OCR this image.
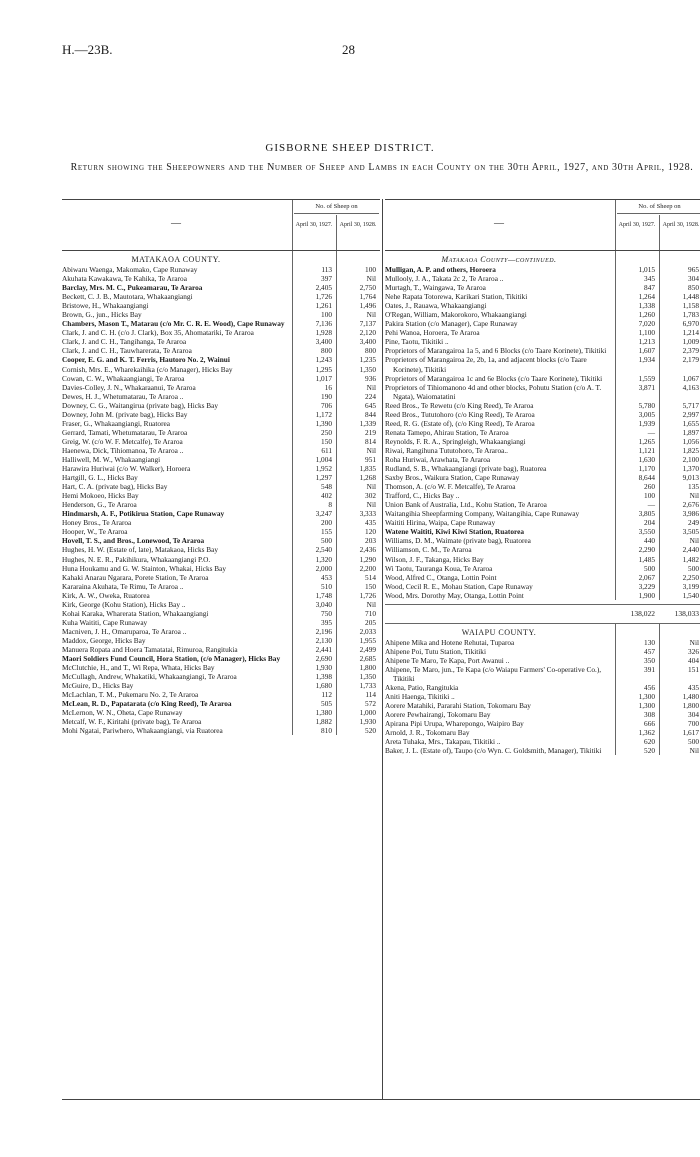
H.—23B.	28
GISBORNE SHEEP DISTRICT.
Return showing the Sheepowners and the Number of Sheep and Lambs in each County on the 30th April, 1927, and 30th April, 1928.
—
No. of Sheep on
April 30, 1927. April 30, 1928.
MATAKAOA COUNTY.
Abiwaru Waenga, Makomako, Cape Runaway	113	100
Akuhata Kawakawa, Te Kahika, Te Araroa	397	Nil
Barclay, Mrs. M. C., Pukeamarau, Te Araroa	2,405	2,750
Beckett, C. J. B., Mautotara, Whakaangiangi	1,726	1,764
Bristowe, H., Whakaangiangi	1,261	1,496
Brown, G., jun., Hicks Bay	100	Nil
Chambers, Mason T., Matarau (c/o Mr. C. R. E. Wood), Cape Runaway	7,136	7,137
Clark, J. and C. H. (c/o J. Clark), Box 35, Ahomatariki, Te Araroa	1,928	2,120
Clark, J. and C. H., Tangihanga, Te Araroa	3,400	3,400
Clark, J. and C. H., Tauwharerata, Te Araroa	800	800
Cooper, E. G. and K. T. Ferris, Hautoro No. 2, Wainui	1,243	1,235
Cornish, Mrs. E., Wharekaihika (c/o Manager), Hicks Bay	1,295	1,350
Cowan, C. W., Whakaangiangi, Te Araroa	1,017	936
Davies-Colley, J. N., Whakaraanui, Te Araroa	16	Nil
Dewes, H. J., Whetumatarau, Te Araroa ..	190	224
Downey, C. G., Waitangirua (private bag), Hicks Bay	706	645
Downey, John M. (private bag), Hicks Bay	1,172	844
Fraser, G., Whakaangiangi, Ruatorea	1,390	1,339
Gerrard, Tamati, Whetumatarau, Te Araroa	250	219
Greig, W. (c/o W. F. Metcalfe), Te Araroa	150	814
Haenewa, Dick, Tihiomanoa, Te Araroa ..	611	Nil
Halliwell, M. W., Whakaangiangi	1,004	951
Harawira Huriwai (c/o W. Walker), Horoera	1,952	1,835
Hartgill, G. L., Hicks Bay	1,297	1,268
Hart, C. A. (private bag), Hicks Bay	548	Nil
Hemi Mokoeo, Hicks Bay	402	302
Henderson, G., Te Araroa	8	Nil
Hindmarsh, A. F., Potikirua Station, Cape Runaway	3,247	3,333
Honey Bros., Te Araroa	200	435
Hooper, W., Te Araroa	155	120
Hovell, T. S., and Bros., Lonewood, Te Araroa	500	203
Hughes, H. W. (Estate of, late), Matakaoa, Hicks Bay	2,540	2,436
Hughes, N. E. R., Pakihikura, Whakaangiangi P.O.	1,320	1,290
Huna Houkamu and G. W. Stainton, Whakai, Hicks Bay	2,000	2,200
Kahaki Anarau Ngarara, Porete Station, Te Araroa	453	514
Kararaina Akuhata, Te Rimu, Te Araroa ..	510	150
Kirk, A. W., Oweka, Ruatorea	1,748	1,726
Kirk, George (Kohu Station), Hicks Bay ..	3,040	Nil
Kohai Karaka, Wharerata Station, Whakaangiangi	750	710
Kuha Waititi, Cape Runaway	395	205
Macniven, J. H., Omaruparoa, Te Araroa ..	2,196	2,033
Maddox, George, Hicks Bay	2,130	1,955
Manuera Ropata and Hoera Tamatatai, Rimuroa, Rangitukia	2,441	2,499
Maori Soldiers Fund Council, Hora Station, (c/o Manager), Hicks Bay	2,690	2,685
McClutchie, H., and T., Wi Repa, Whata, Hicks Bay	1,930	1,800
McCullagh, Andrew, Whakatiki, Whakaangiangi, Te Araroa	1,398	1,350
McGuire, D., Hicks Bay	1,680	1,733
McLachlan, T. M., Pukemaru No. 2, Te Araroa	112	114
McLean, R. D., Papatarata (c/o King Reed), Te Araroa	505	572
McLernon, W. N., Oheta, Cape Runaway	1,380	1,000
Metcalf, W. F., Kiritahi (private bag), Te Araroa	1,882	1,930
Mohi Ngatai, Pariwhero, Whakaangiangi, via Ruatorea	810	520
—
No. of Sheep on
April 30, 1927. April 30, 1928.
Matakaoa County—continued.
Mulligan, A. P. and others, Horoera	1,015	965
Mullooly, J. A., Takata 2c 2, Te Araroa ..	345	304
Murtagh, T., Waingawa, Te Araroa	847	850
Nehe Rapata Totorewa, Karikari Station, Tikitiki	1,264	1,448
Oates, J., Rauawa, Whakaangiangi	1,338	1,158
O'Regan, William, Makorokoro, Whakaangiangi	1,260	1,783
Pakira Station (c/o Manager), Cape Runaway	7,020	6,970
Pehi Wanoa, Horoera, Te Araroa	1,100	1,214
Pine, Taotu, Tikitiki ..	1,213	1,009
Proprietors of Marangairoa 1a 5, and 6 Blocks (c/o Taare Korinete), Tikitiki	1,607	2,379
Proprietors of Marangairoa 2e, 2b, 1a, and adjacent blocks (c/o Taare Korinete), Tikitiki
1,934	2,179
Proprietors of Marangairoa 1c and 6e Blocks (c/o Taare Korinete), Tikitiki	1,559	1,067
Proprietors of Tihiomanono 4d and other blocks, Pohutu Station (c/o A. T. Ngata), Waiomatatini
3,871	4,163
Reed Bros., Te Rewetu (c/o King Reed), Te Araroa	5,780	5,717
Reed Bros., Tututohoro (c/o King Reed), Te Araroa	3,005	2,997
Reed, R. G. (Estate of), (c/o King Reed), Te Araroa	1,939	1,655
Renata Tamepo, Ahirau Station, Te Araroa	—	1,897
Reynolds, F. R. A., Springleigh, Whakaangiangi	1,265	1,056
Riwai, Rangihuna Tututohoro, Te Araroa..	1,121	1,825
Roha Huriwai, Arawhata, Te Araroa	1,630	2,100
Rudland, S. B., Whakaangiangi (private bag), Ruatorea	1,170	1,370
Saxby Bros., Waikura Station, Cape Runaway	8,644	9,013
Thomson, A. (c/o W. F. Metcalfe), Te Araroa	260	135
Trafford, C., Hicks Bay ..	100	Nil
Union Bank of Australia, Ltd., Kohu Station, Te Araroa	—	2,676
Waitangihia Sheepfarming Company, Waitangihia, Cape Runaway	3,805	3,986
Waititi Hirina, Waipa, Cape Runaway	204	249
Watene Waititi, Kiwi Kiwi Station, Ruatorea	3,550	3,505
Williams, D. M., Waimate (private bag), Ruatorea	440	Nil
Williamson, C. M., Te Araroa	2,290	2,440
Wilson, J. F., Takanga, Hicks Bay	1,485	1,482
Wi Taotu, Tauranga Koua, Te Araroa	500	500
Wood, Alfred C., Otanga, Lottin Point	2,067	2,250
Wood, Cecil R. E., Mohau Station, Cape Runaway	3,229	3,199
Wood, Mrs. Dorothy May, Otanga, Lottin Point	1,900	1,540
138,022	138,033
WAIAPU COUNTY.
Ahipene Mika and Hotene Rehutai, Tuparoa	130	Nil
Ahipene Poi, Tutu Station, Tikitiki	457	326
Ahipene Te Maro, Te Kapa, Port Awanui ..	350	404
Ahipene, Te Maro, jun., Te Kapa (c/o Waiapu Farmers' Co-operative Co.), Tikitiki
391	151
Akena, Patio, Rangitukia	456	435
Aniti Haenga, Tikitiki ..	1,300	1,480
Aorere Matahiki, Pararahi Station, Tokomaru Bay	1,300	1,800
Aorere Pewhairangi, Tokomaru Bay	308	304
Apirana Pipi Urupa, Wharepongo, Waipiro Bay	666	700
Arnold, J. R., Tokomaru Bay	1,362	1,617
Areta Tuhaka, Mrs., Takapau, Tikitiki ..	620	500
Baker, J. L. (Estate of), Taupo (c/o Wyn. C. Goldsmith, Manager), Tikitiki	520	Nil
